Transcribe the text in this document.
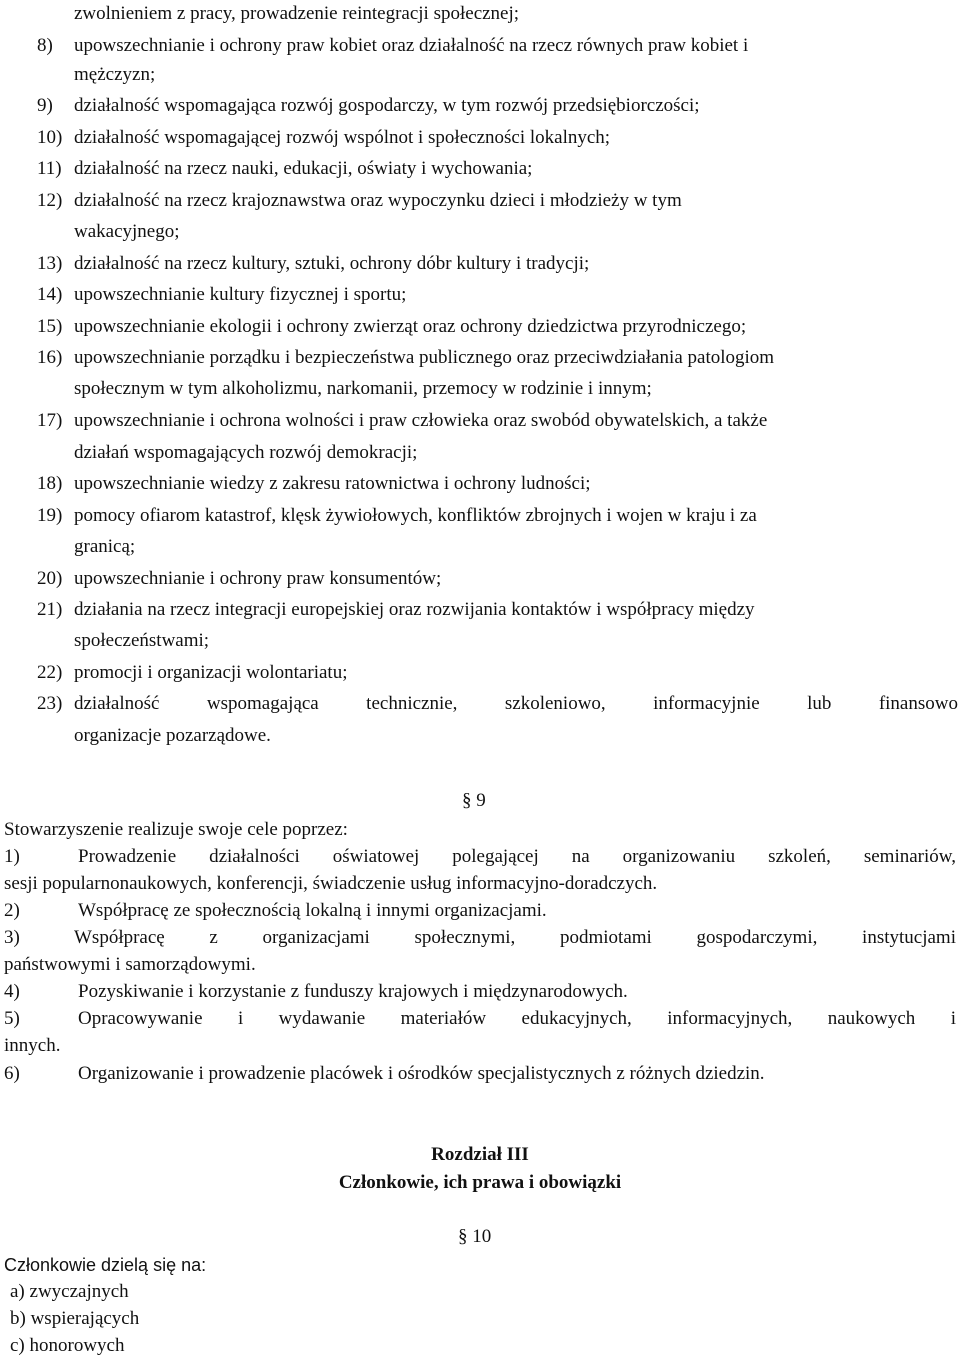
zwolnieniem z pracy, prowadzenie reintegracji społecznej;
8) upowszechnianie i ochrony praw kobiet oraz działalność na rzecz równych praw kobiet i
mężczyzn;
9) działalność wspomagająca rozwój gospodarczy, w tym rozwój przedsiębiorczości;
10) działalność wspomagającej rozwój wspólnot i społeczności lokalnych;
11) działalność na rzecz nauki, edukacji, oświaty i wychowania;
12) działalność na rzecz krajoznawstwa oraz wypoczynku dzieci i młodzieży w tym
wakacyjnego;
13) działalność na rzecz kultury, sztuki, ochrony dóbr kultury i tradycji;
14) upowszechnianie kultury fizycznej i sportu;
15) upowszechnianie ekologii i ochrony zwierząt oraz ochrony dziedzictwa przyrodniczego;
16) upowszechnianie porządku i bezpieczeństwa publicznego oraz przeciwdziałania patologiom
społecznym w tym alkoholizmu, narkomanii, przemocy w rodzinie i innym;
17) upowszechnianie i ochrona wolności i praw człowieka oraz swobód obywatelskich, a także
działań wspomagających rozwój demokracji;
18) upowszechnianie wiedzy z zakresu ratownictwa i ochrony ludności;
19) pomocy ofiarom katastrof, klęsk żywiołowych, konfliktów zbrojnych i wojen w kraju i za
granicą;
20) upowszechnianie i ochrony praw konsumentów;
21) działania na rzecz integracji europejskiej oraz rozwijania kontaktów i współpracy między
społeczeństwami;
22) promocji i organizacji wolontariatu;
23) działalność wspomagająca technicznie, szkoleniowo, informacyjnie lub finansowo
organizacje pozarządowe.
§ 9
Stowarzyszenie realizuje swoje cele poprzez:
1)	Prowadzenie działalności oświatowej polegającej na organizowaniu szkoleń, seminariów,
sesji popularnonaukowych, konferencji, świadczenie usług informacyjno-doradczych.
2)	Współpracę ze społecznością lokalną i innymi organizacjami.
3)	Współpracę z organizacjami społecznymi, podmiotami gospodarczymi, instytucjami
państwowymi i samorządowymi.
4)	Pozyskiwanie i korzystanie z funduszy krajowych i międzynarodowych.
5)	Opracowywanie i wydawanie materiałów edukacyjnych, informacyjnych, naukowych i
innych.
6)	Organizowanie i prowadzenie placówek i ośrodków specjalistycznych z różnych dziedzin.
Rozdział III
Członkowie, ich prawa i obowiązki
§ 10
Członkowie dzielą się na:
a) zwyczajnych
b) wspierających
c) honorowych
